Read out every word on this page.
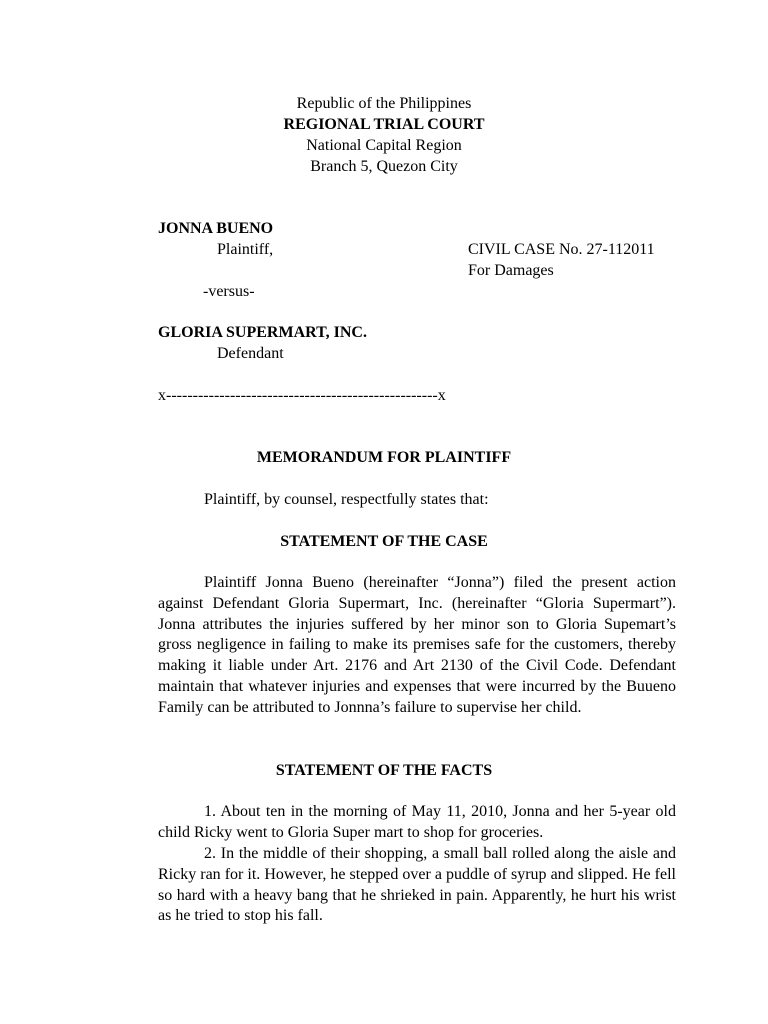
Republic of the Philippines
REGIONAL TRIAL COURT
National Capital Region
Branch 5, Quezon City
JONNA BUENO
Plaintiff,	CIVIL CASE No. 27-112011
For Damages
-versus-
GLORIA SUPERMART, INC.
Defendant
x---------------------------------------------------x
MEMORANDUM FOR PLAINTIFF
Plaintiff, by counsel, respectfully states that:
STATEMENT OF THE CASE
Plaintiff Jonna Bueno (hereinafter “Jonna”) filed the present action against Defendant Gloria Supermart, Inc. (hereinafter “Gloria Supermart”). Jonna attributes the injuries suffered by her minor son to Gloria Supemart’s gross negligence in failing to make its premises safe for the customers, thereby making it liable under Art. 2176 and Art 2130 of the Civil Code. Defendant maintain that whatever injuries and expenses that were incurred by the Buueno Family can be attributed to Jonnna’s failure to supervise her child.
STATEMENT OF THE FACTS
1. About ten in the morning of May 11, 2010, Jonna and her 5-year old child Ricky went to Gloria Super mart to shop for groceries.
2. In the middle of their shopping, a small ball rolled along the aisle and Ricky ran for it. However, he stepped over a puddle of syrup and slipped. He fell so hard with a heavy bang that he shrieked in pain. Apparently, he hurt his wrist as he tried to stop his fall.
